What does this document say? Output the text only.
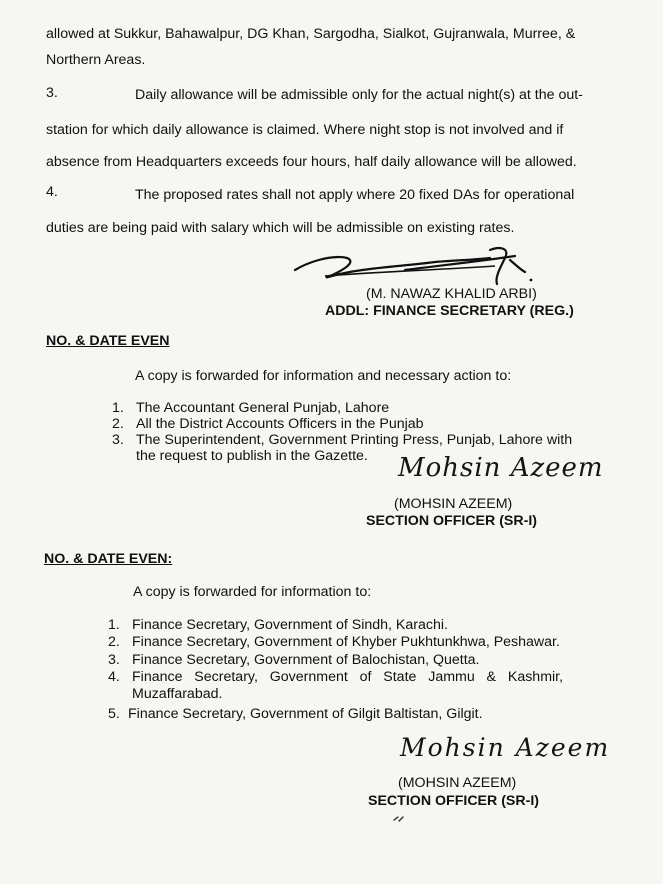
allowed at Sukkur, Bahawalpur, DG Khan, Sargodha, Sialkot, Gujranwala, Murree, &
Northern Areas.
3.	Daily allowance will be admissible only for the actual night(s) at the out-
station for which daily allowance is claimed. Where night stop is not involved and if
absence from Headquarters exceeds four hours, half daily allowance will be allowed.
4.	The proposed rates shall not apply where 20 fixed DAs for operational
duties are being paid with salary which will be admissible on existing rates.
(M. NAWAZ KHALID ARBI)
ADDL: FINANCE SECRETARY (REG.)
NO. & DATE EVEN
A copy is forwarded for information and necessary action to:
1. The Accountant General Punjab, Lahore
2. All the District Accounts Officers in the Punjab
3. The Superintendent, Government Printing Press, Punjab, Lahore with
the request to publish in the Gazette. Mohsin Azeem
(MOHSIN AZEEM)
SECTION OFFICER (SR-I)
NO. & DATE EVEN:
A copy is forwarded for information to:
1. Finance Secretary, Government of Sindh, Karachi.
2. Finance Secretary, Government of Khyber Pukhtunkhwa, Peshawar.
3. Finance Secretary, Government of Balochistan, Quetta.
4. Finance   Secretary,   Government   of   State   Jammu   &   Kashmir,
Muzaffarabad.
5. Finance Secretary, Government of Gilgit Baltistan, Gilgit.
Mohsin Azeem
(MOHSIN AZEEM)
SECTION OFFICER (SR-I)
